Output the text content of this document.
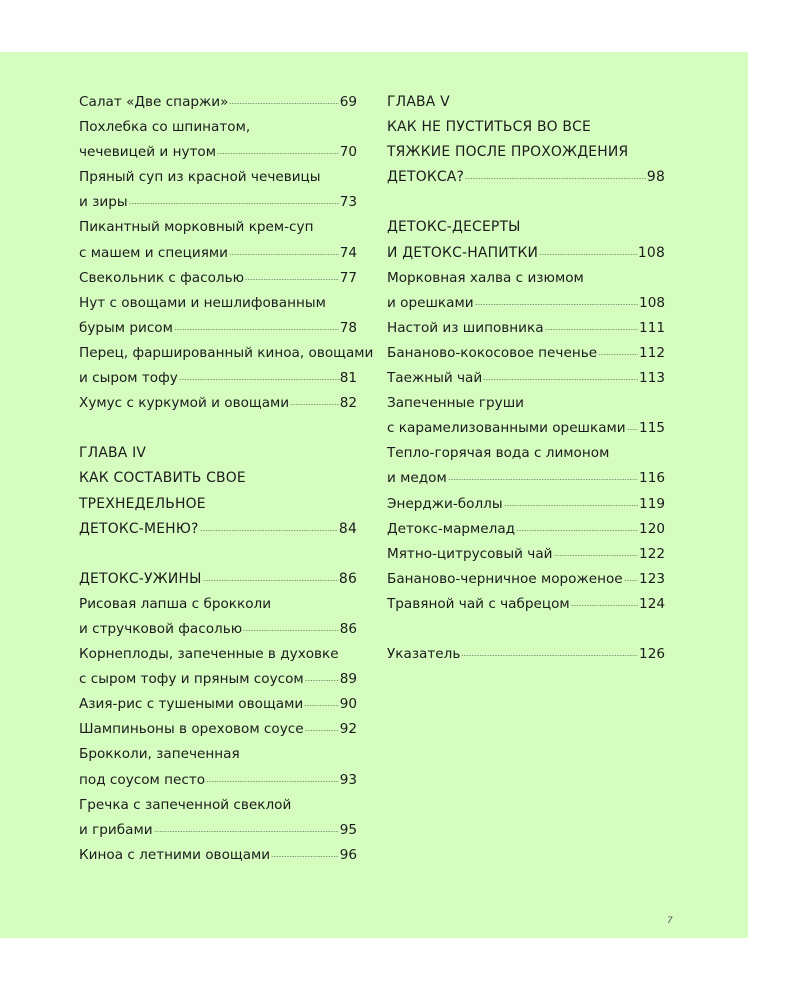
Салат «Две спаржи»	69
Похлебка со шпинатом,
чечевицей и нутом	70
Пряный суп из красной чечевицы
и зиры	73
Пикантный морковный крем-суп
с машем и специями	74
Свекольник с фасолью	77
Нут с овощами и нешлифованным
бурым рисом	78
Перец, фаршированный киноа, овощами
и сыром тофу	81
Хумус с куркумой и овощами	82
ГЛАВА IV
КАК СОСТАВИТЬ СВОЕ
ТРЕХНЕДЕЛЬНОЕ
ДЕТОКС-МЕНЮ?	84
ДЕТОКС-УЖИНЫ	86
Рисовая лапша с брокколи
и стручковой фасолью	86
Корнеплоды, запеченные в духовке
с сыром тофу и пряным соусом	89
Азия-рис с тушеными овощами	90
Шампиньоны в ореховом соусе	92
Брокколи, запеченная
под соусом песто	93
Гречка с запеченной свеклой
и грибами	95
Киноа с летними овощами	96
ГЛАВА V
КАК НЕ ПУСТИТЬСЯ ВО ВСЕ
ТЯЖКИЕ ПОСЛЕ ПРОХОЖДЕНИЯ
ДЕТОКСА?	98
ДЕТОКС-ДЕСЕРТЫ
И ДЕТОКС-НАПИТКИ	108
Морковная халва с изюмом
и орешками	108
Настой из шиповника	111
Бананово-кокосовое печенье	112
Таежный чай	113
Запеченные груши
с карамелизованными орешками 115
Тепло-горячая вода с лимоном
и медом	116
Энерджи-боллы	119
Детокс-мармелад	120
Мятно-цитрусовый чай	122
Бананово-черничное мороженое 123
Травяной чай с чабрецом	124
Указатель	126
7
